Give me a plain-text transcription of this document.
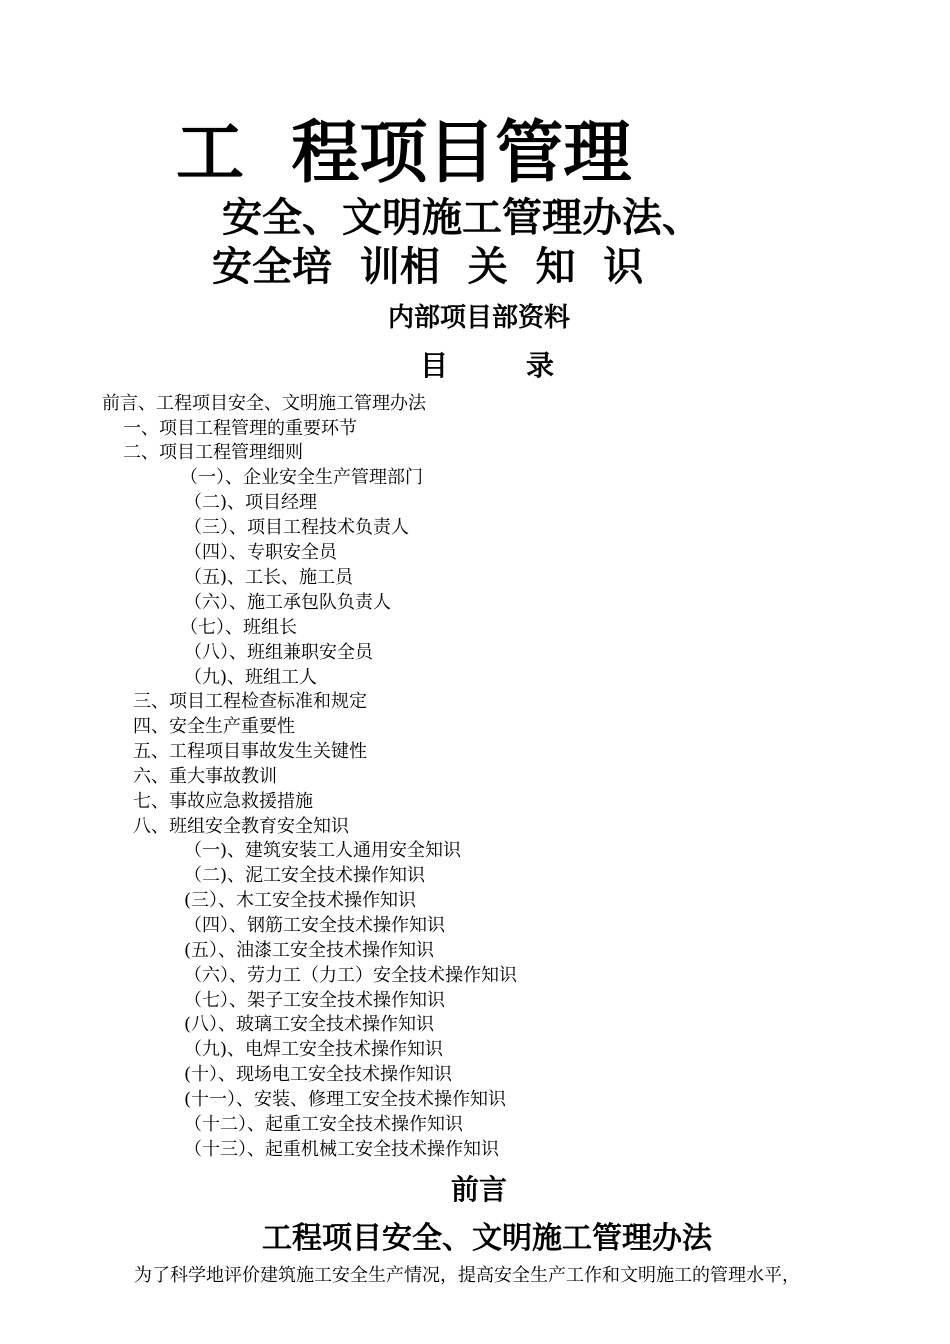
工  程项目管理
安全、文明施工管理办法、
安全培  训相  关  知  识
内部项目部资料
目        录
前言、工程项目安全、文明施工管理办法
一、项目工程管理的重要环节
二、项目工程管理细则
（一）、企业安全生产管理部门
（二)、项目经理
（三）、项目工程技术负责人
（四）、专职安全员
（五)、工长、施工员
（六）、施工承包队负责人
（七）、班组长
（八）、班组兼职安全员
（九)、班组工人
三、项目工程检查标准和规定
四、安全生产重要性
五、工程项目事故发生关键性
六、重大事故教训
七、事故应急救援措施
八、班组安全教育安全知识
（一)、建筑安装工人通用安全知识
（二)、泥工安全技术操作知识
(三）、木工安全技术操作知识
（四）、钢筋工安全技术操作知识
(五）、油漆工安全技术操作知识
（六）、劳力工（力工）安全技术操作知识
（七）、架子工安全技术操作知识
(八）、玻璃工安全技术操作知识
（九)、电焊工安全技术操作知识
(十）、现场电工安全技术操作知识
(十一）、安装、修理工安全技术操作知识
（十二）、起重工安全技术操作知识
（十三）、起重机械工安全技术操作知识
前言
工程项目安全、文明施工管理办法
为了科学地评价建筑施工安全生产情况，提高安全生产工作和文明施工的管理水平，
